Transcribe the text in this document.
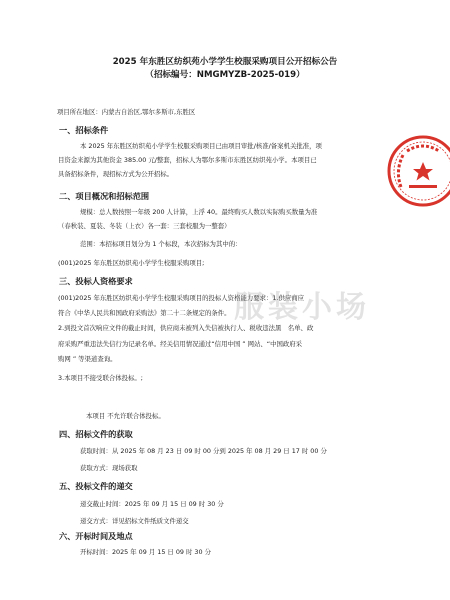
2025 年东胜区纺织苑小学学生校服采购项目公开招标公告
（招标编号：NMGMYZB-2025-019）
项目所在地区：内蒙古自治区,鄂尔多斯市,东胜区
一、招标条件
本 2025 年东胜区纺织苑小学学生校服采购项目已由项目审批/核准/备案机关批准，项
目资金来源为其他资金 385.00 元/整套，招标人为鄂尔多斯市东胜区纺织苑小学。本项目已
具备招标条件，现招标方式为公开招标。
二、项目概况和招标范围
规模：总人数按照一年级 200 人计算，上浮 40。最终购买人数以实际购买数量为准
（春秋装、夏装、冬装（上衣）各一套：三套校服为一整套）
范围：本招标项目划分为 1 个标段，本次招标为其中的：
(001)2025 年东胜区纺织苑小学学生校服采购项目;
三、投标人资格要求
(001)2025 年东胜区纺织苑小学学生校服采购项目的投标人资格能力要求：1.供应商应
符合《中华人民共和国政府采购法》第二十二条规定的条件。
2.到投文首次响应文件的截止时间，供应商未被列入失信被执行人、税收违法黑　名单、政
府采购严重违法失信行为记录名单。经关信用情况通过“信用中国 ” 网站、“中国政府采
购网 ” 等渠道查询。
3.本项目不接受联合体投标。;
本项目 不允许联合体投标。
四、招标文件的获取
获取时间：从 2025 年 08 月 23 日 09 时 00 分到 2025 年 08 月 29 日 17 时 00 分
获取方式：现场获取
五、投标文件的递交
递交截止时间：2025 年 09 月 15 日 09 时 30 分
递交方式：详见招标文件纸质文件递交
六、开标时间及地点
开标时间：2025 年 09 月 15 日 09 时 30 分
服装小场
